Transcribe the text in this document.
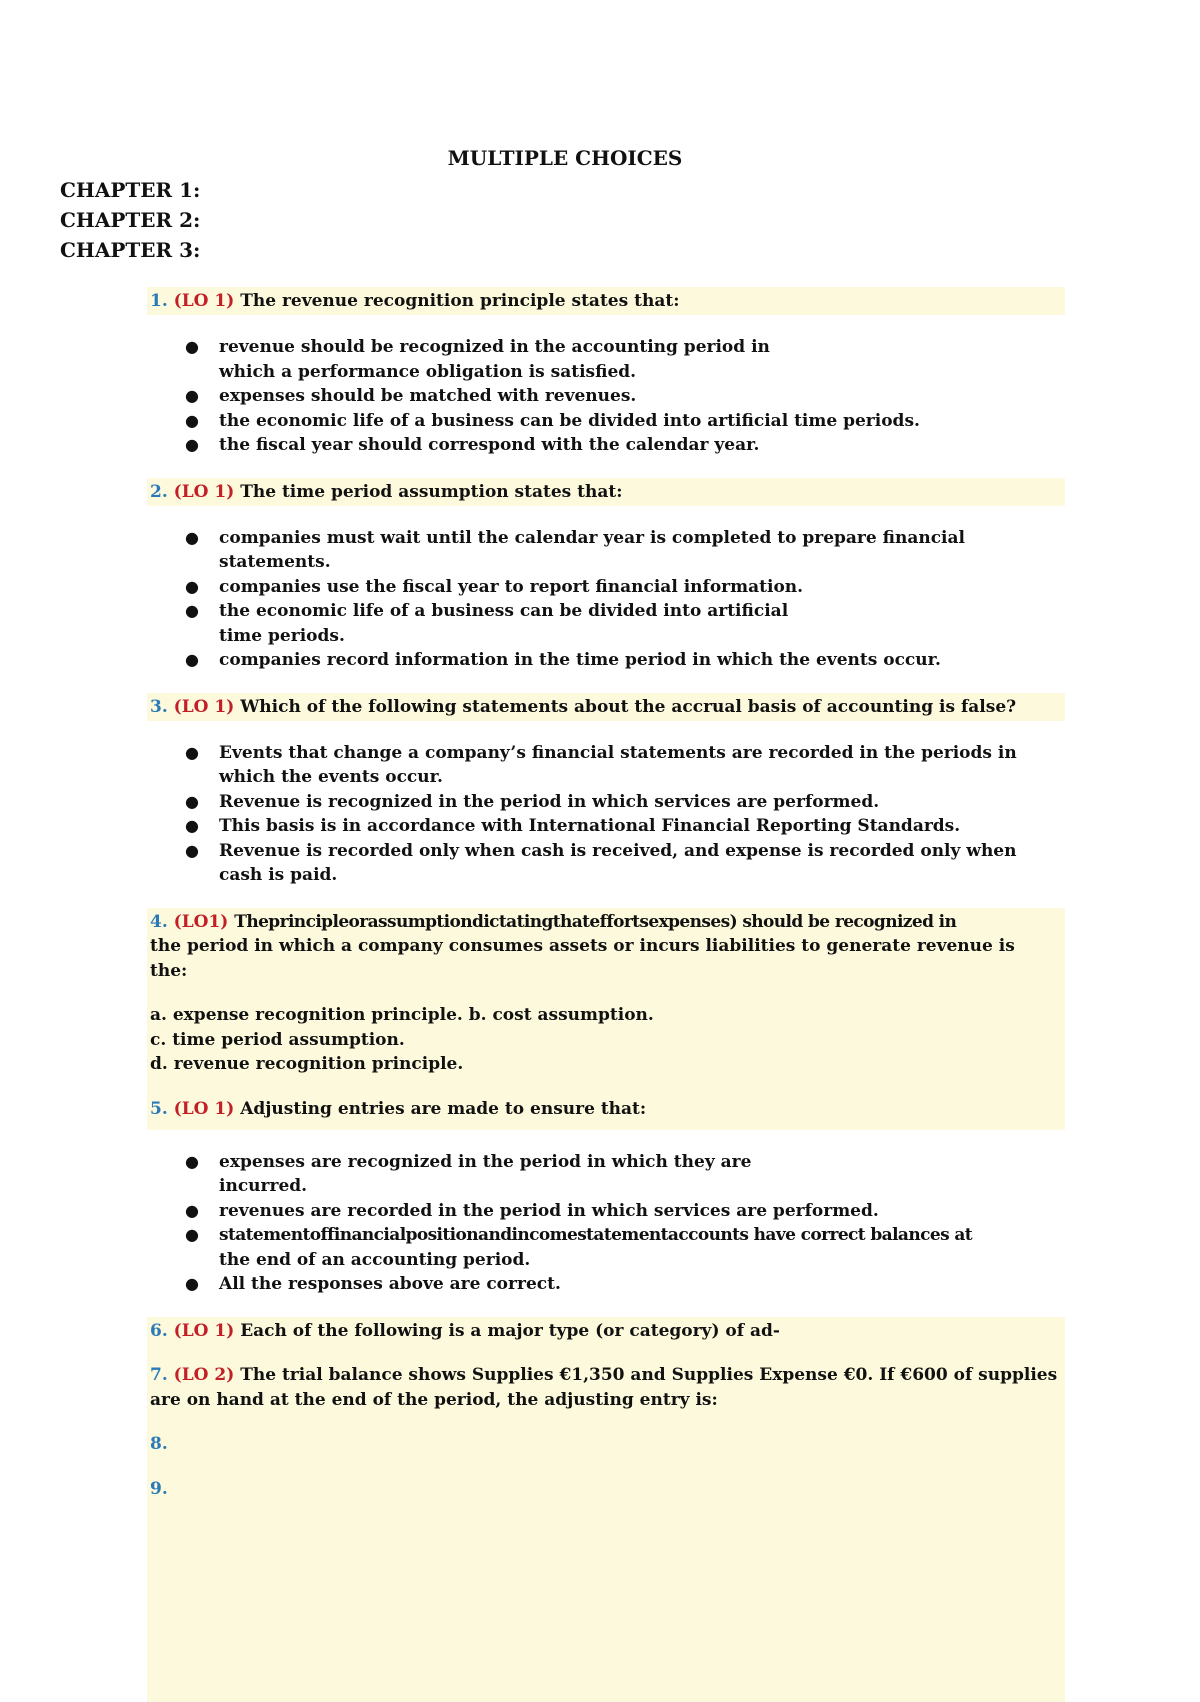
MULTIPLE CHOICES
CHAPTER 1:
CHAPTER 2:
CHAPTER 3:
1. (LO 1) The revenue recognition principle states that:
● revenue should be recognized in the accounting period in
which a performance obligation is satisfied.
● expenses should be matched with revenues.
● the economic life of a business can be divided into artificial time periods.
● the fiscal year should correspond with the calendar year.
2. (LO 1) The time period assumption states that:
● companies must wait until the calendar year is completed to prepare financial
statements.
● companies use the fiscal year to report financial information.
● the economic life of a business can be divided into artificial
time periods.
● companies record information in the time period in which the events occur.
3. (LO 1) Which of the following statements about the accrual basis of accounting is false?
● Events that change a company’s financial statements are recorded in the periods in
which the events occur.
● Revenue is recognized in the period in which services are performed.
● This basis is in accordance with International Financial Reporting Standards.
● Revenue is recorded only when cash is received, and expense is recorded only when
cash is paid.
4. (LO1) Theprincipleorassumptiondictatingthateffortsexpenses) should be recognized in
the period in which a company consumes assets or incurs liabilities to generate revenue is
the:
a. expense recognition principle. b. cost assumption.
c. time period assumption.
d. revenue recognition principle.
5. (LO 1) Adjusting entries are made to ensure that:
● expenses are recognized in the period in which they are
incurred.
● revenues are recorded in the period in which services are performed.
● statementoffinancialpositionandincomestatementaccounts have correct balances at
the end of an accounting period.
● All the responses above are correct.
6. (LO 1) Each of the following is a major type (or category) of ad-
7. (LO 2) The trial balance shows Supplies €1,350 and Supplies Expense €0. If €600 of supplies
are on hand at the end of the period, the adjusting entry is:
8.
9.
